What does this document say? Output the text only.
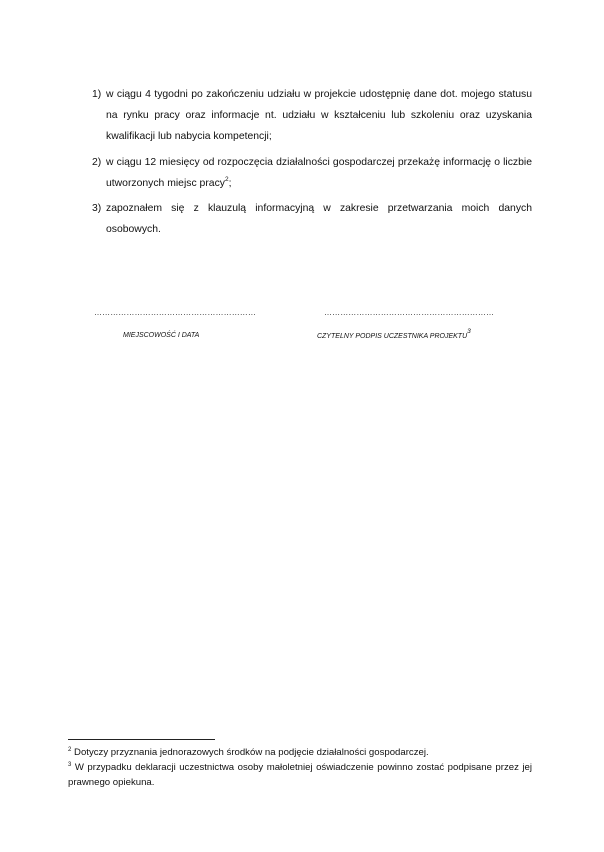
1) w ciągu 4 tygodni po zakończeniu udziału w projekcie udostępnię dane dot. mojego statusu na rynku pracy oraz informacje nt. udziału w kształceniu lub szkoleniu oraz uzyskania kwalifikacji lub nabycia kompetencji;
2) w ciągu 12 miesięcy od rozpoczęcia działalności gospodarczej przekażę informację o liczbie utworzonych miejsc pracy$^2$;
3) zapoznałem się z klauzulą informacyjną w zakresie przetwarzania moich danych osobowych.
……………………………………………………	………………………………………………………
MIEJSCOWOŚĆ I DATA	CZYTELNY PODPIS UCZESTNIKA PROJEKTU3
$^2$ Dotyczy przyznania jednorazowych środków na podjęcie działalności gospodarczej.
$^3$ W przypadku deklaracji uczestnictwa osoby małoletniej oświadczenie powinno zostać podpisane przez jej prawnego opiekuna.
